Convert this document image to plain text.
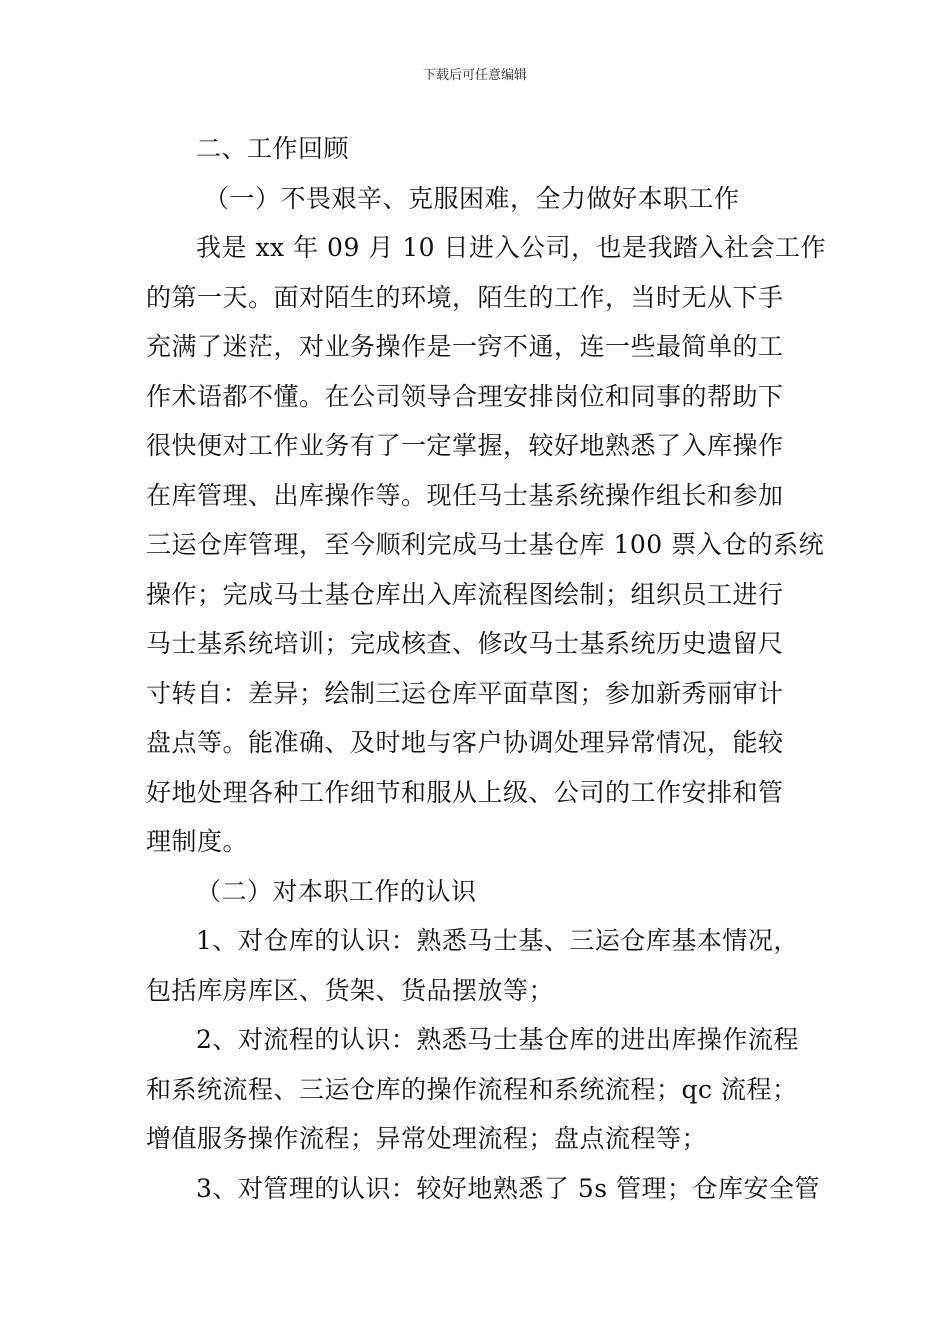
下载后可任意编辑
二、工作回顾
（一）不畏艰辛、克服困难，全力做好本职工作
我是 xx 年 09 月 10 日进入公司，也是我踏入社会工作
的第一天。面对陌生的环境，陌生的工作，当时无从下手
充满了迷茫，对业务操作是一窍不通，连一些最简单的工
作术语都不懂。在公司领导合理安排岗位和同事的帮助下
很快便对工作业务有了一定掌握，较好地熟悉了入库操作
在库管理、出库操作等。现任马士基系统操作组长和参加
三运仓库管理，至今顺利完成马士基仓库 100 票入仓的系统
操作；完成马士基仓库出入库流程图绘制；组织员工进行
马士基系统培训；完成核查、修改马士基系统历史遗留尺
寸转自：差异；绘制三运仓库平面草图；参加新秀丽审计
盘点等。能准确、及时地与客户协调处理异常情况，能较
好地处理各种工作细节和服从上级、公司的工作安排和管
理制度。
（二）对本职工作的认识
1、对仓库的认识：熟悉马士基、三运仓库基本情况，
包括库房库区、货架、货品摆放等；
2、对流程的认识：熟悉马士基仓库的进出库操作流程
和系统流程、三运仓库的操作流程和系统流程；qc 流程；
增值服务操作流程；异常处理流程；盘点流程等；
3、对管理的认识：较好地熟悉了 5s 管理；仓库安全管
